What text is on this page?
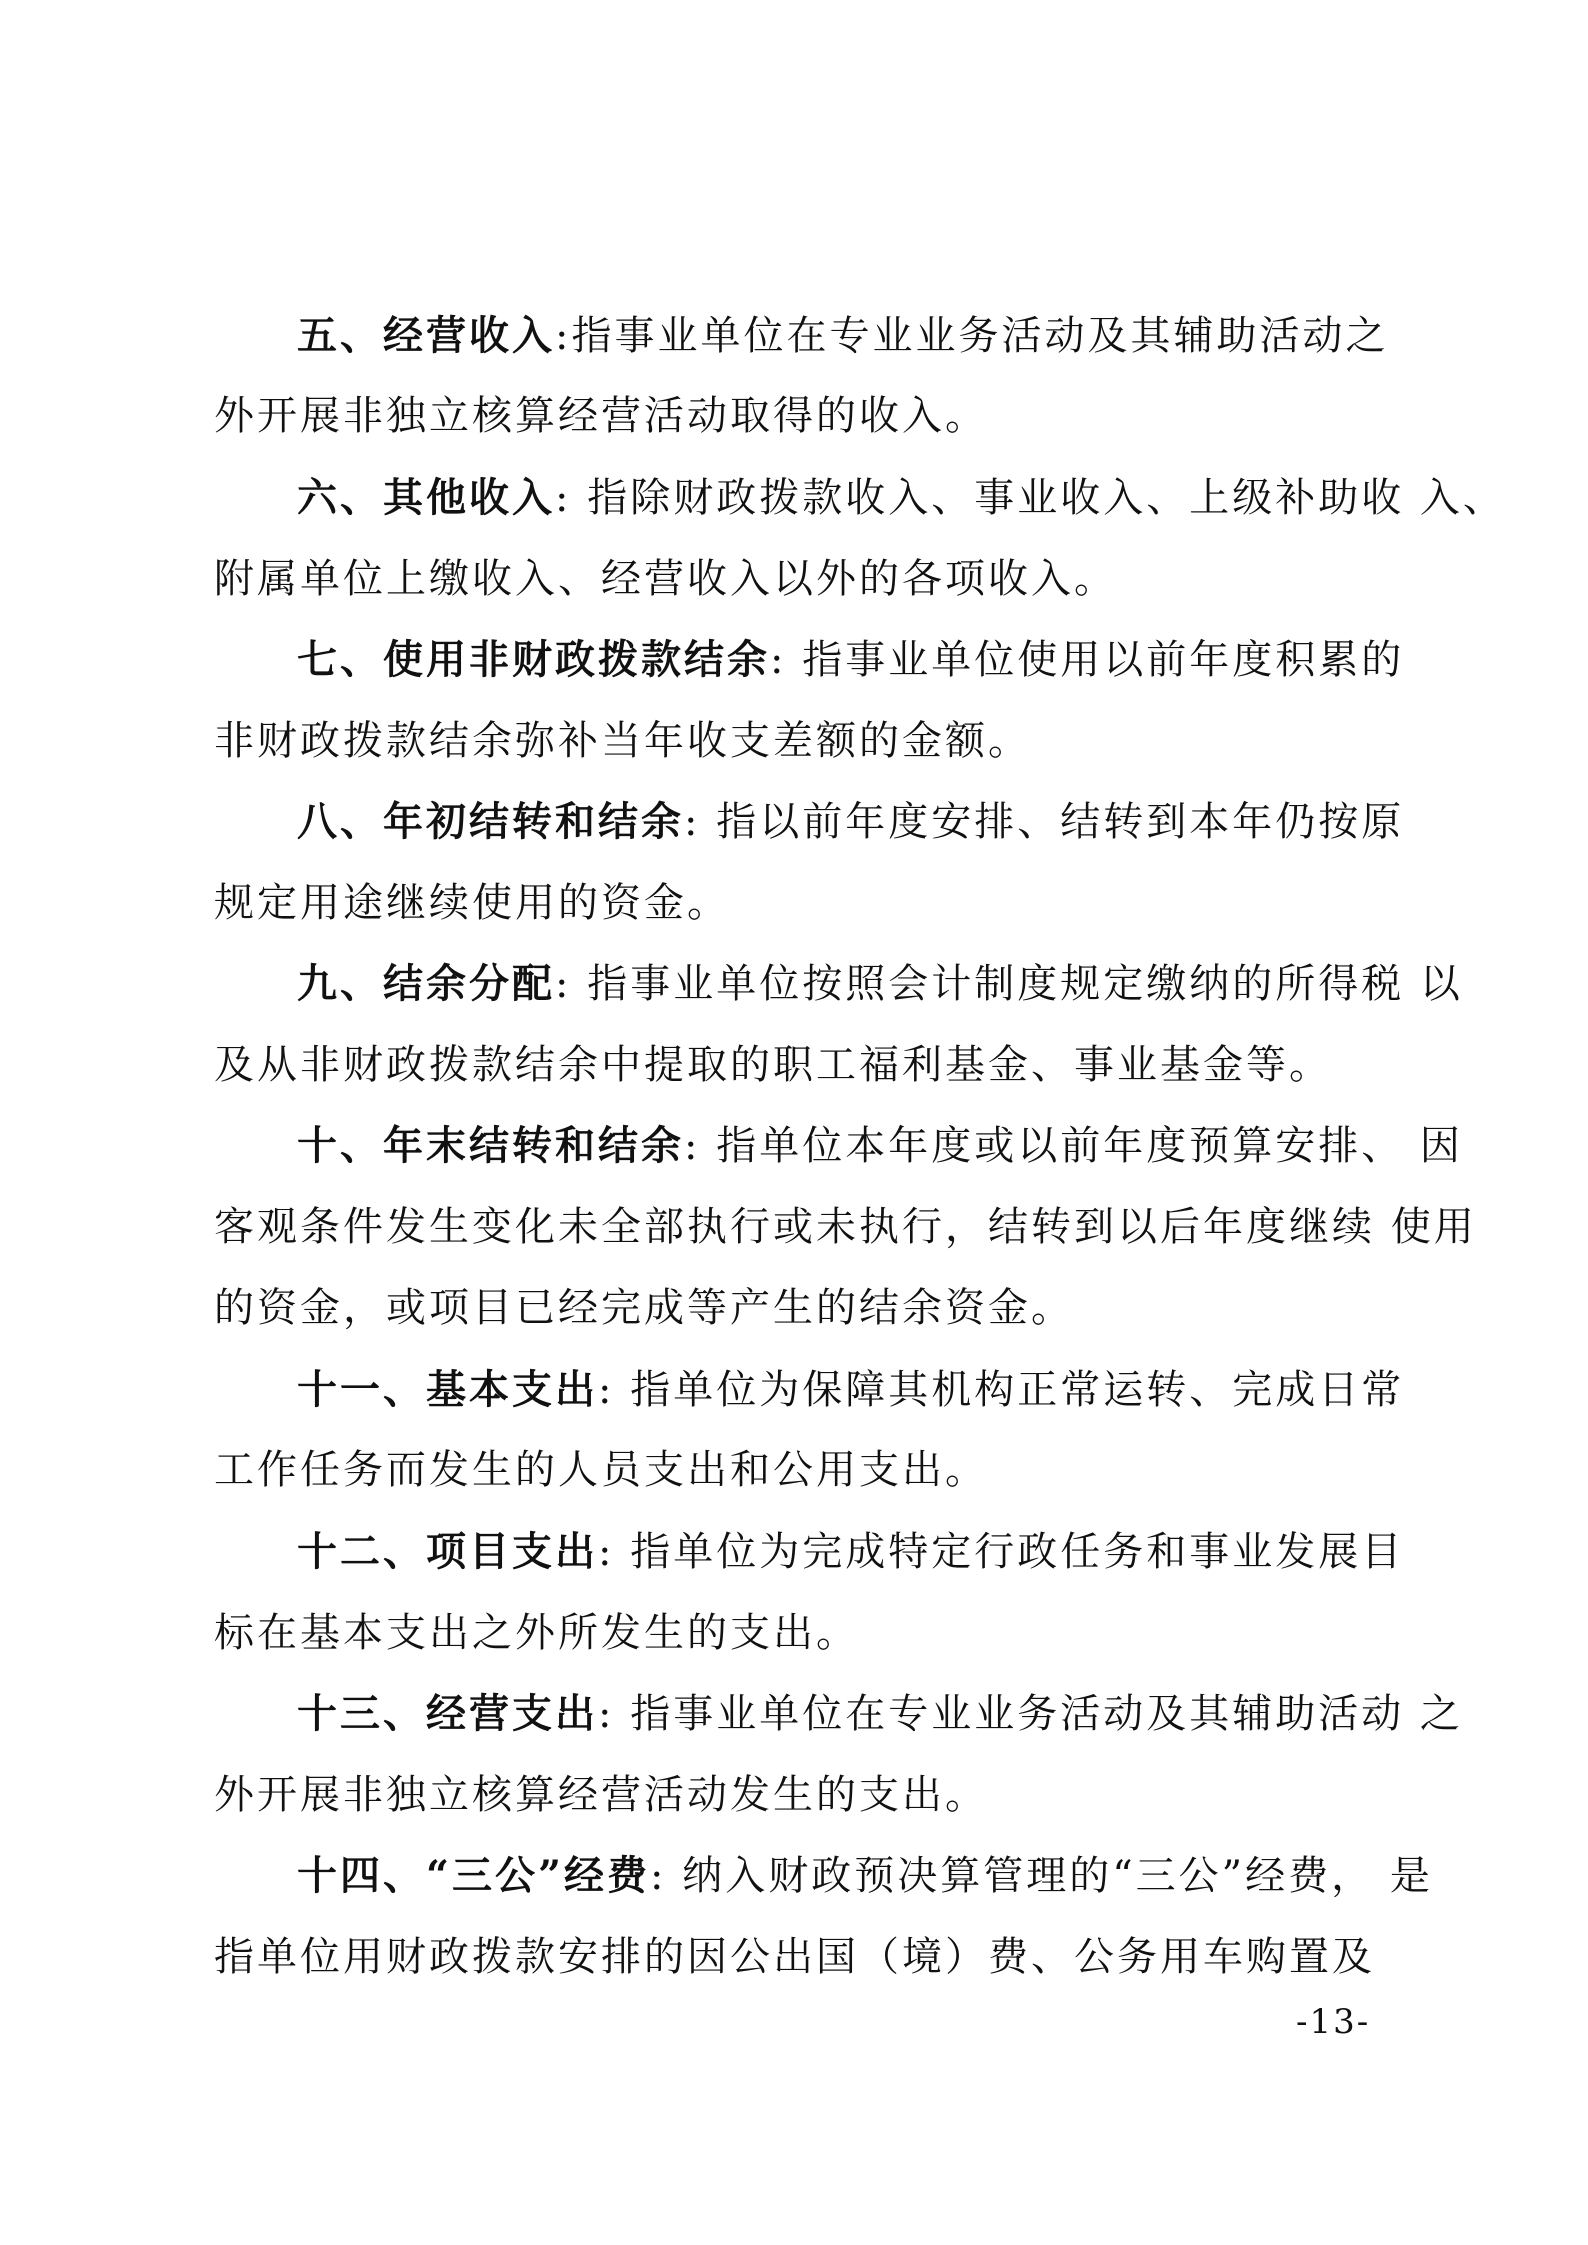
五、经营收入:指事业单位在专业业务活动及其辅助活动之
外开展非独立核算经营活动取得的收入。
六、其他收入: 指除财政拨款收入、事业收入、上级补助收 入、
附属单位上缴收入、经营收入以外的各项收入。
七、使用非财政拨款结余: 指事业单位使用以前年度积累的
非财政拨款结余弥补当年收支差额的金额。
八、年初结转和结余: 指以前年度安排、结转到本年仍按原
规定用途继续使用的资金。
九、结余分配: 指事业单位按照会计制度规定缴纳的所得税 以
及从非财政拨款结余中提取的职工福利基金、事业基金等。
十、年末结转和结余: 指单位本年度或以前年度预算安排、 因
客观条件发生变化未全部执行或未执行，结转到以后年度继续 使用
的资金，或项目已经完成等产生的结余资金。
十一、基本支出: 指单位为保障其机构正常运转、完成日常
工作任务而发生的人员支出和公用支出。
十二、项目支出: 指单位为完成特定行政任务和事业发展目
标在基本支出之外所发生的支出。
十三、经营支出: 指事业单位在专业业务活动及其辅助活动 之
外开展非独立核算经营活动发生的支出。
十四、“三公”经费: 纳入财政预决算管理的“三公”经费， 是
指单位用财政拨款安排的因公出国（境）费、公务用车购置及
-13-
